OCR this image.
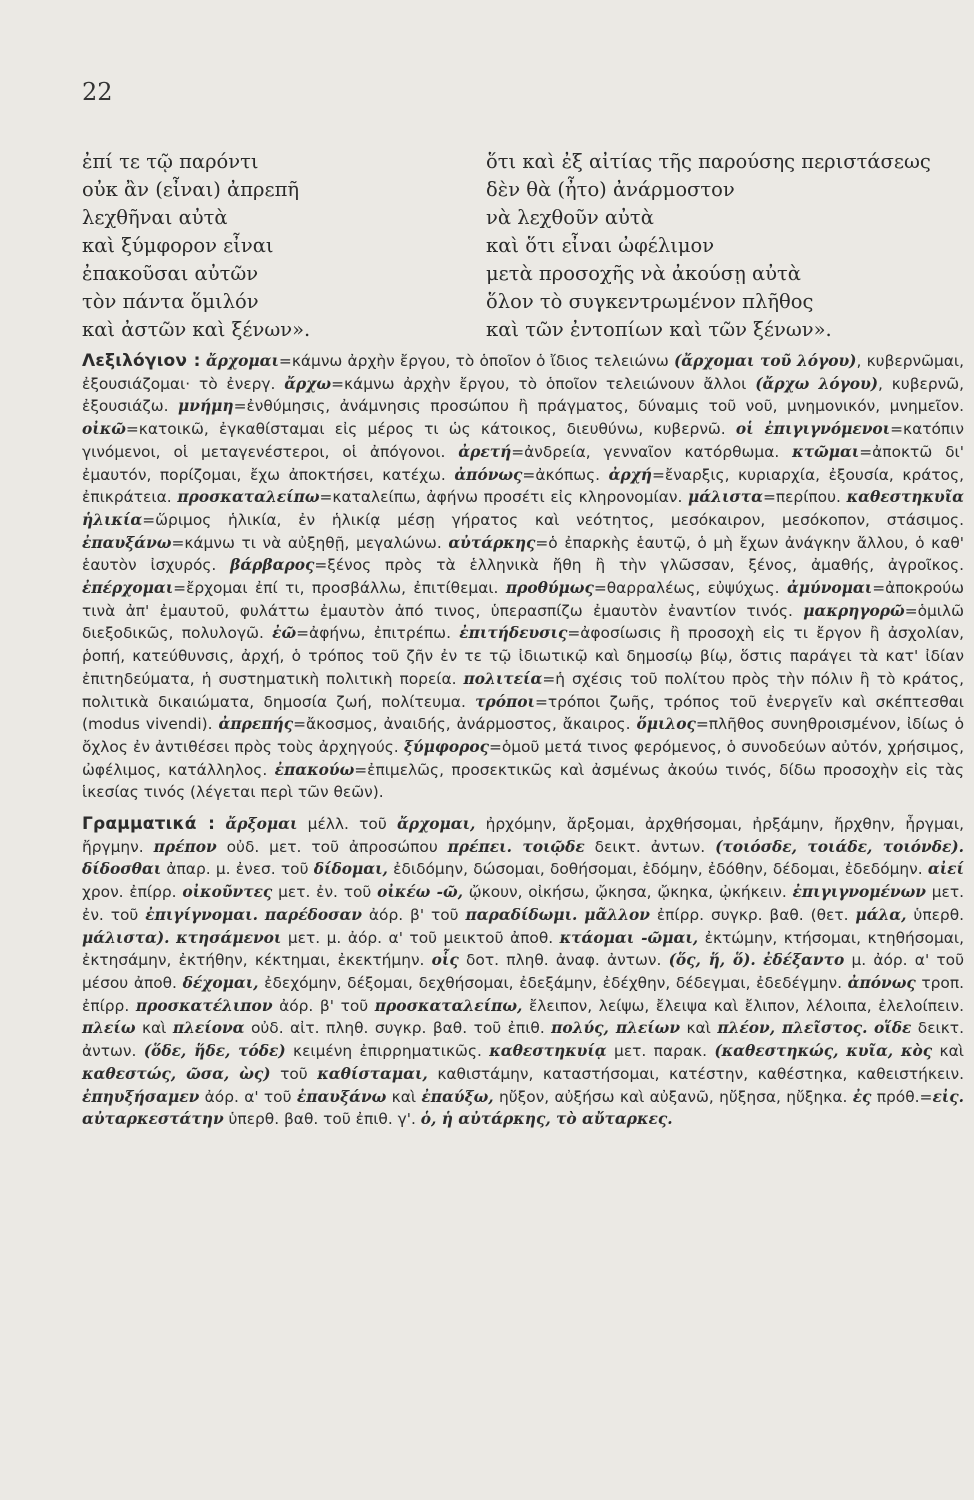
22
ἐπί τε τῷ παρόντι	ὅτι καὶ ἐξ αἰτίας τῆς παρούσης περιστάσεως
οὐκ ἂν (εἶναι) ἀπρεπῆ	δὲν θὰ (ἦτο) ἀνάρμοστον
λεχθῆναι αὐτὰ	νὰ λεχθοῦν αὐτὰ
καὶ ξύμφορον εἶναι	καὶ ὅτι εἶναι ὠφέλιμον
ἐπακοῦσαι αὐτῶν	μετὰ προσοχῆς νὰ ἀκούσῃ αὐτὰ
τὸν πάντα ὅμιλόν	ὅλον τὸ συγκεντρωμένον πλῆθος
καὶ ἀστῶν καὶ ξένων».	καὶ τῶν ἐντοπίων καὶ τῶν ξένων».

Λεξιλόγιον : ἄρχομαι=κάμνω ἀρχὴν ἔργου, τὸ ὁποῖον ὁ ἴδιος τελειώνω (ἄρχομαι τοῦ λόγου), κυβερνῶμαι, ἐξουσιάζομαι· τὸ ἐνεργ. ἄρχω=κάμνω ἀρχὴν ἔργου, τὸ ὁποῖον τελειώνουν ἄλλοι (ἄρχω λόγου), κυβερνῶ, ἐξουσιάζω. μνήμη=ἐνθύμησις, ἀνάμνησις προσώπου ἢ πράγματος, δύναμις τοῦ νοῦ, μνημονικόν, μνημεῖον. οἰκῶ=κατοικῶ, ἐγκαθίσταμαι εἰς μέρος τι ὡς κάτοικος, διευθύνω, κυβερνῶ. οἱ ἐπιγιγνόμενοι=κατόπιν γινόμενοι, οἱ μεταγενέστεροι, οἱ ἀπόγονοι. ἀρετή=ἀνδρεία, γενναῖον κατόρθωμα. κτῶμαι=ἀποκτῶ δι' ἐμαυτόν, πορίζομαι, ἔχω ἀποκτήσει, κατέχω. ἀπόνως=ἀκόπως. ἀρχή=ἔναρξις, κυριαρχία, ἐξουσία, κράτος, ἐπικράτεια. προσκαταλείπω=καταλείπω, ἀφήνω προσέτι εἰς κληρονομίαν. μάλιστα=περίπου. καθεστηκυῖα ἡλικία=ὥριμος ἡλικία, ἐν ἡλικίᾳ μέσῃ γήρατος καὶ νεότητος, μεσόκαιρον, μεσόκοπον, στάσιμος. ἐπαυξάνω=κάμνω τι νὰ αὐξηθῇ, μεγαλώνω. αὐτάρκης=ὁ ἐπαρκὴς ἑαυτῷ, ὁ μὴ ἔχων ἀνάγκην ἄλλου, ὁ καθ' ἑαυτὸν ἰσχυρός. βάρβαρος=ξένος πρὸς τὰ ἑλληνικὰ ἤθη ἢ τὴν γλῶσσαν, ξένος, ἀμαθής, ἀγροῖκος. ἐπέρχομαι=ἔρχομαι ἐπί τι, προσβάλλω, ἐπιτίθεμαι. προθύμως=θαρραλέως, εὐψύχως. ἀμύνομαι=ἀποκρούω τινὰ ἀπ' ἐμαυτοῦ, φυλάττω ἐμαυτὸν ἀπό τινος, ὑπερασπίζω ἐμαυτὸν ἐναντίον τινός. μακρηγορῶ=ὁμιλῶ διεξοδικῶς, πολυλογῶ. ἐῶ=ἀφήνω, ἐπιτρέπω. ἐπιτήδευσις=ἀφοσίωσις ἢ προσοχὴ εἰς τι ἔργον ἢ ἀσχολίαν, ῥοπή, κατεύθυνσις, ἀρχή, ὁ τρόπος τοῦ ζῆν ἐν τε τῷ ἰδιωτικῷ καὶ δημοσίῳ βίῳ, ὅστις παράγει τὰ κατ' ἰδίαν ἐπιτηδεύματα, ἡ συστηματικὴ πολιτικὴ πορεία. πολιτεία=ἡ σχέσις τοῦ πολίτου πρὸς τὴν πόλιν ἢ τὸ κράτος, πολιτικὰ δικαιώματα, δημοσία ζωή, πολίτευμα. τρόποι=τρόποι ζωῆς, τρόπος τοῦ ἐνεργεῖν καὶ σκέπτεσθαι (modus vivendi). ἀπρεπής=ἄκοσμος, ἀναιδής, ἀνάρμοστος, ἄκαιρος. ὅμιλος=πλῆθος συνηθροισμένον, ἰδίως ὁ ὄχλος ἐν ἀντιθέσει πρὸς τοὺς ἀρχηγούς. ξύμφορος=ὁμοῦ μετά τινος φερόμενος, ὁ συνοδεύων αὐτόν, χρήσιμος, ὠφέλιμος, κατάλληλος. ἐπακούω=ἐπιμελῶς, προσεκτικῶς καὶ ἀσμένως ἀκούω τινός, δίδω προσοχὴν εἰς τὰς ἱκεσίας τινός (λέγεται περὶ τῶν θεῶν).

Γραμματικά : ἄρξομαι μέλλ. τοῦ ἄρχομαι, ἠρχόμην, ἄρξομαι, ἀρχθήσομαι, ἠρξάμην, ἤρχθην, ἦργμαι, ἤργμην. πρέπον οὐδ. μετ. τοῦ ἀπροσώπου πρέπει. τοιῷδε δεικτ. ἀντων. (τοιόσδε, τοιάδε, τοιόνδε). δίδοσθαι ἀπαρ. μ. ἐνεσ. τοῦ δίδομαι, ἐδιδόμην, δώσομαι, δοθήσομαι, ἐδόμην, ἐδόθην, δέδομαι, ἐδεδόμην. αἰεί χρον. ἐπίρρ. οἰκοῦντες μετ. ἐν. τοῦ οἰκέω -ῶ, ᾤκουν, οἰκήσω, ᾤκησα, ᾤκηκα, ᾠκήκειν. ἐπιγιγνομένων μετ. ἐν. τοῦ ἐπιγίγνομαι. παρέδοσαν ἀόρ. β' τοῦ παραδίδωμι. μᾶλλον ἐπίρρ. συγκρ. βαθ. (θετ. μάλα, ὑπερθ. μάλιστα). κτησάμενοι μετ. μ. ἀόρ. α' τοῦ μεικτοῦ ἀποθ. κτάομαι -ῶμαι, ἐκτώμην, κτήσομαι, κτηθήσομαι, ἐκτησάμην, ἐκτήθην, κέκτημαι, ἐκεκτήμην. οἷς δοτ. πληθ. ἀναφ. ἀντων. (ὅς, ἥ, ὅ). ἐδέξαντο μ. ἀόρ. α' τοῦ μέσου ἀποθ. δέχομαι, ἐδεχόμην, δέξομαι, δεχθήσομαι, ἐδεξάμην, ἐδέχθην, δέδεγμαι, ἐδεδέγμην. ἀπόνως τροπ. ἐπίρρ. προσκατέλιπον ἀόρ. β' τοῦ προσκαταλείπω, ἔλειπον, λείψω, ἔλειψα καὶ ἔλιπον, λέλοιπα, ἐλελοίπειν. πλείω καὶ πλείονα οὐδ. αἰτ. πληθ. συγκρ. βαθ. τοῦ ἐπιθ. πολύς, πλείων καὶ πλέον, πλεῖστος. οἵδε δεικτ. ἀντων. (ὅδε, ἥδε, τόδε) κειμένη ἐπιρρηματικῶς. καθεστηκυίᾳ μετ. παρακ. (καθεστηκώς, κυῖα, κὸς καὶ καθεστώς, ῶσα, ὼς) τοῦ καθίσταμαι, καθιστάμην, καταστήσομαι, κατέστην, καθέστηκα, καθειστήκειν. ἐπηυξήσαμεν ἀόρ. α' τοῦ ἐπαυξάνω καὶ ἐπαύξω, ηὔξον, αὐξήσω καὶ αὐξανῶ, ηὔξησα, ηὔξηκα. ἐς πρόθ.=εἰς. αὐταρκεστάτην ὑπερθ. βαθ. τοῦ ἐπιθ. γ'. ὁ, ἡ αὐτάρκης, τὸ αὔταρκες.
